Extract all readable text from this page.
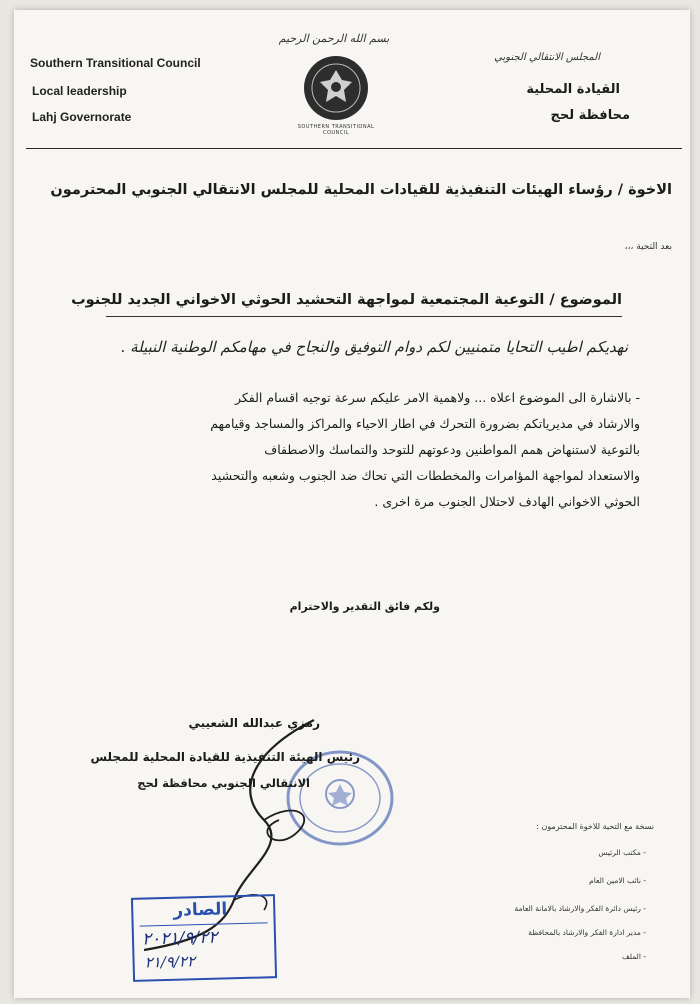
بسم الله الرحمن الرحيم
Southern Transitional Council
Local leadership
Lahj Governorate
المجلس الانتقالي الجنوبي
القيادة المحلية
محافظة لحج
SOUTHERN TRANSITIONAL COUNCIL
الاخوة / رؤساء الهيئات التنفيذية للقيادات المحلية للمجلس الانتقالي الجنوبي المحترمون
بعد التحية ،،،
الموضوع / التوعية المجتمعية لمواجهة التحشيد الحوثي الاخواني الجديد للجنوب
نهديكم اطيب التحايا متمنيين لكم دوام التوفيق والنجاح في مهامكم الوطنية النبيلة .
- بالاشارة الى الموضوع اعلاه ... ولاهمية الامر عليكم سرعة توجيه اقسام الفكر
والارشاد في مديرياتكم بضرورة التحرك في اطار الاحياء والمراكز والمساجد وقيامهم
بالتوعية لاستنهاض همم المواطنين ودعوتهم للتوحد والتماسك والاصطفاف
والاستعداد لمواجهة المؤامرات والمخططات التي تحاك ضد الجنوب وشعبه والتحشيد
الحوثي الاخواني الهادف لاحتلال الجنوب مرة اخرى .
ولكم فائق التقدير والاحترام
رمزي عبدالله الشعيبي
رئيس الهيئة التنفيذية للقيادة المحلية للمجلس
الانتقالي الجنوبي محافظة لحج
نسخة مع التحية للاخوة المحترمون :
- مكتب الرئيس
- نائب الامين العام
- رئيس دائرة الفكر والارشاد بالامانة العامة
- مدير ادارة الفكر والارشاد بالمحافظة
- الملف
الصادر
٢٠٢١/٩/٢٢
٢١/٩/٢٢
